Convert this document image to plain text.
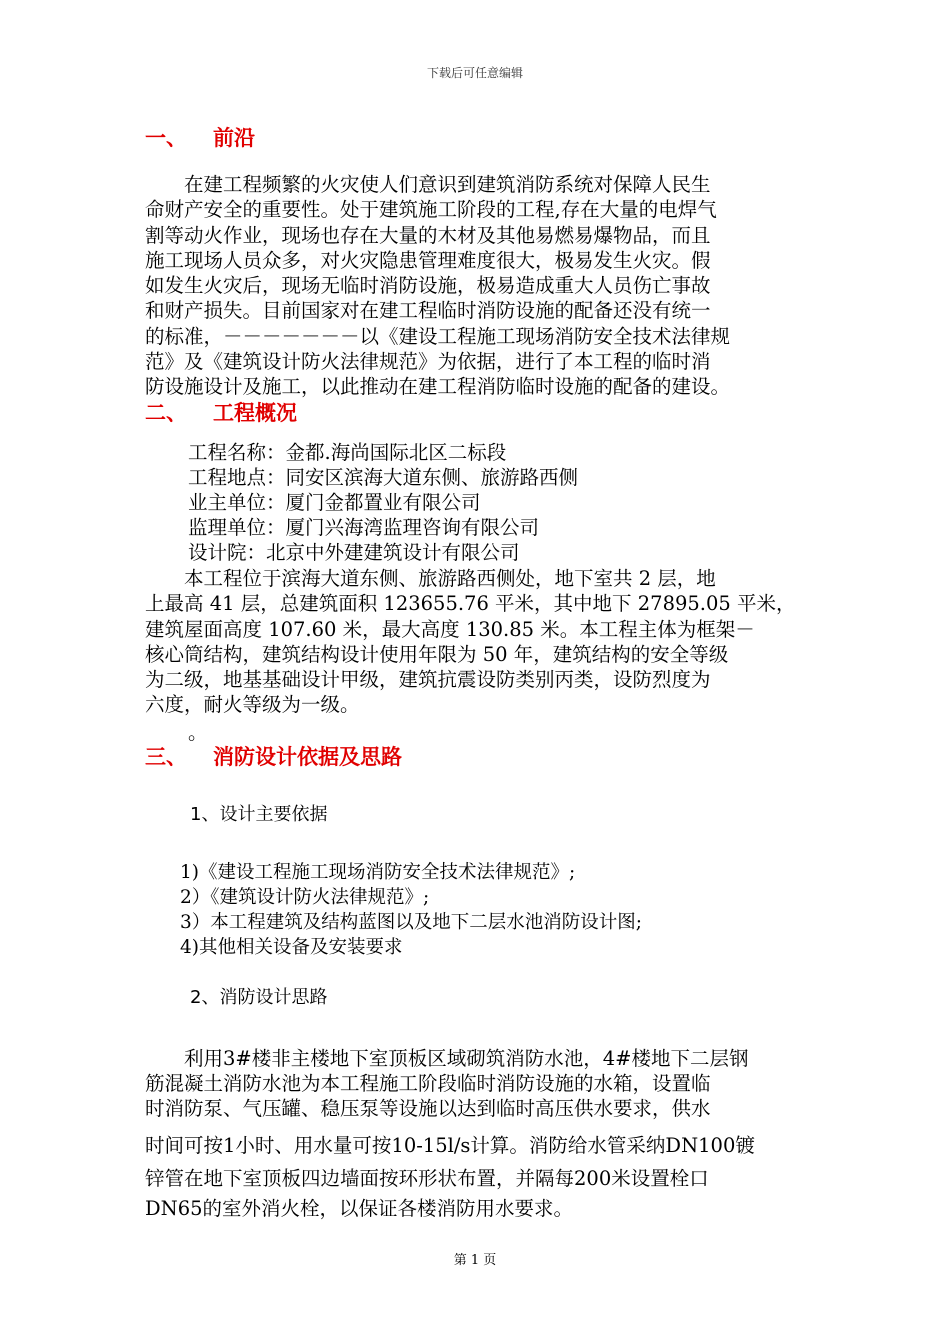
下载后可任意编辑
一、 前沿
　　在建工程频繁的火灾使人们意识到建筑消防系统对保障人民生
命财产安全的重要性。处于建筑施工阶段的工程,存在大量的电焊气
割等动火作业，现场也存在大量的木材及其他易燃易爆物品，而且
施工现场人员众多，对火灾隐患管理难度很大，极易发生火灾。假
如发生火灾后，现场无临时消防设施，极易造成重大人员伤亡事故
和财产损失。目前国家对在建工程临时消防设施的配备还没有统一
的标准，－－－－－－－以《建设工程施工现场消防安全技术法律规
范》及《建筑设计防火法律规范》为依据，进行了本工程的临时消
防设施设计及施工，以此推动在建工程消防临时设施的配备的建设。
二、 工程概况
工程名称：金都.海尚国际北区二标段
工程地点：同安区滨海大道东侧、旅游路西侧
业主单位：厦门金都置业有限公司
监理单位：厦门兴海湾监理咨询有限公司
设计院：北京中外建建筑设计有限公司
　　本工程位于滨海大道东侧、旅游路西侧处，地下室共 2 层，地
上最高 41 层，总建筑面积 123655.76 平米，其中地下 27895.05 平米，
建筑屋面高度 107.60 米，最大高度 130.85 米。本工程主体为框架－
核心筒结构，建筑结构设计使用年限为 50 年，建筑结构的安全等级
为二级，地基基础设计甲级，建筑抗震设防类别丙类，设防烈度为
六度，耐火等级为一级。
。
三、 消防设计依据及思路
1、设计主要依据
1)《建设工程施工现场消防安全技术法律规范》;
2）《建筑设计防火法律规范》;
3）本工程建筑及结构蓝图以及地下二层水池消防设计图;
4)其他相关设备及安装要求
2、消防设计思路
　　利用3#楼非主楼地下室顶板区域砌筑消防水池，4#楼地下二层钢
筋混凝土消防水池为本工程施工阶段临时消防设施的水箱，设置临
时消防泵、气压罐、稳压泵等设施以达到临时高压供水要求，供水
时间可按1小时、用水量可按10-15l/s计算。消防给水管采纳DN100镀
锌管在地下室顶板四边墙面按环形状布置，并隔每200米设置栓口
DN65的室外消火栓，以保证各楼消防用水要求。
第 1 页
